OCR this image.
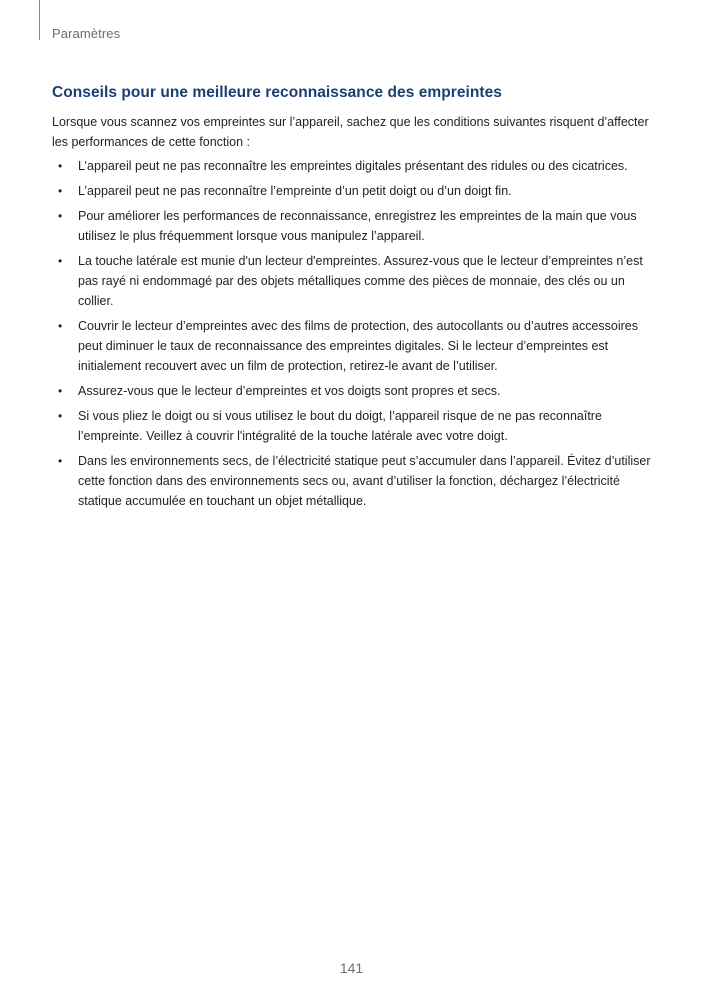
Paramètres
Conseils pour une meilleure reconnaissance des empreintes

Lorsque vous scannez vos empreintes sur l’appareil, sachez que les conditions suivantes risquent d’affecter les performances de cette fonction :

• L’appareil peut ne pas reconnaître les empreintes digitales présentant des ridules ou des cicatrices.
• L’appareil peut ne pas reconnaître l’empreinte d’un petit doigt ou d’un doigt fin.
• Pour améliorer les performances de reconnaissance, enregistrez les empreintes de la main que vous utilisez le plus fréquemment lorsque vous manipulez l’appareil.
• La touche latérale est munie d'un lecteur d'empreintes. Assurez-vous que le lecteur d’empreintes n’est pas rayé ni endommagé par des objets métalliques comme des pièces de monnaie, des clés ou un collier.
• Couvrir le lecteur d’empreintes avec des films de protection, des autocollants ou d’autres accessoires peut diminuer le taux de reconnaissance des empreintes digitales. Si le lecteur d’empreintes est initialement recouvert avec un film de protection, retirez-le avant de l’utiliser.
• Assurez-vous que le lecteur d’empreintes et vos doigts sont propres et secs.
• Si vous pliez le doigt ou si vous utilisez le bout du doigt, l’appareil risque de ne pas reconnaître l’empreinte. Veillez à couvrir l'intégralité de la touche latérale avec votre doigt.
• Dans les environnements secs, de l’électricité statique peut s’accumuler dans l’appareil. Évitez d’utiliser cette fonction dans des environnements secs ou, avant d’utiliser la fonction, déchargez l’électricité statique accumulée en touchant un objet métallique.
141
